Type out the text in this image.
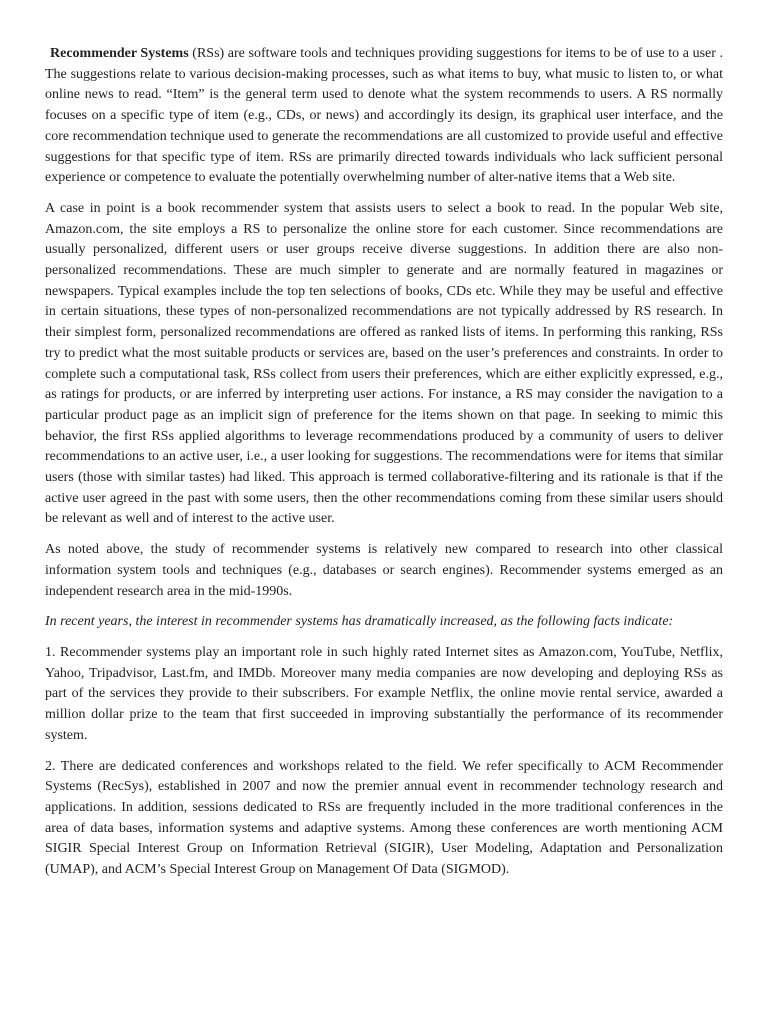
Recommender Systems (RSs) are software tools and techniques providing suggestions for items to be of use to a user . The suggestions relate to various decision-making processes, such as what items to buy, what music to listen to, or what online news to read. “Item” is the general term used to denote what the system recommends to users. A RS normally focuses on a specific type of item (e.g., CDs, or news) and accordingly its design, its graphical user interface, and the core recommendation technique used to generate the recommendations are all customized to provide useful and effective suggestions for that specific type of item. RSs are primarily directed towards individuals who lack sufficient personal experience or competence to evaluate the potentially overwhelming number of alter-native items that a Web site.

A case in point is a book recommender system that assists users to select a book to read. In the popular Web site, Amazon.com, the site employs a RS to personalize the online store for each customer. Since recommendations are usually personalized, different users or user groups receive diverse suggestions. In addition there are also non-personalized recommendations. These are much simpler to generate and are normally featured in magazines or newspapers. Typical examples include the top ten selections of books, CDs etc. While they may be useful and effective in certain situations, these types of non-personalized recommendations are not typically addressed by RS research. In their simplest form, personalized recommendations are offered as ranked lists of items. In performing this ranking, RSs try to predict what the most suitable products or services are, based on the user’s preferences and constraints. In order to complete such a computational task, RSs collect from users their preferences, which are either explicitly expressed, e.g., as ratings for products, or are inferred by interpreting user actions. For instance, a RS may consider the navigation to a particular product page as an implicit sign of preference for the items shown on that page. In seeking to mimic this behavior, the first RSs applied algorithms to leverage recommendations produced by a community of users to deliver recommendations to an active user, i.e., a user looking for suggestions. The recommendations were for items that similar users (those with similar tastes) had liked. This approach is termed collaborative-filtering and its rationale is that if the active user agreed in the past with some users, then the other recommendations coming from these similar users should be relevant as well and of interest to the active user.

As noted above, the study of recommender systems is relatively new compared to research into other classical information system tools and techniques (e.g., databases or search engines). Recommender systems emerged as an independent research area in the mid-1990s.

In recent years, the interest in recommender systems has dramatically increased, as the following facts indicate:

1. Recommender systems play an important role in such highly rated Internet sites as Amazon.com, YouTube, Netflix, Yahoo, Tripadvisor, Last.fm, and IMDb. Moreover many media companies are now developing and deploying RSs as part of the services they provide to their subscribers. For example Netflix, the online movie rental service, awarded a million dollar prize to the team that first succeeded in improving substantially the performance of its recommender system.

2. There are dedicated conferences and workshops related to the field. We refer specifically to ACM Recommender Systems (RecSys), established in 2007 and now the premier annual event in recommender technology research and applications. In addition, sessions dedicated to RSs are frequently included in the more traditional conferences in the area of data bases, information systems and adaptive systems. Among these conferences are worth mentioning ACM SIGIR Special Interest Group on Information Retrieval (SIGIR), User Modeling, Adaptation and Personalization (UMAP), and ACM’s Special Interest Group on Management Of Data (SIGMOD).
